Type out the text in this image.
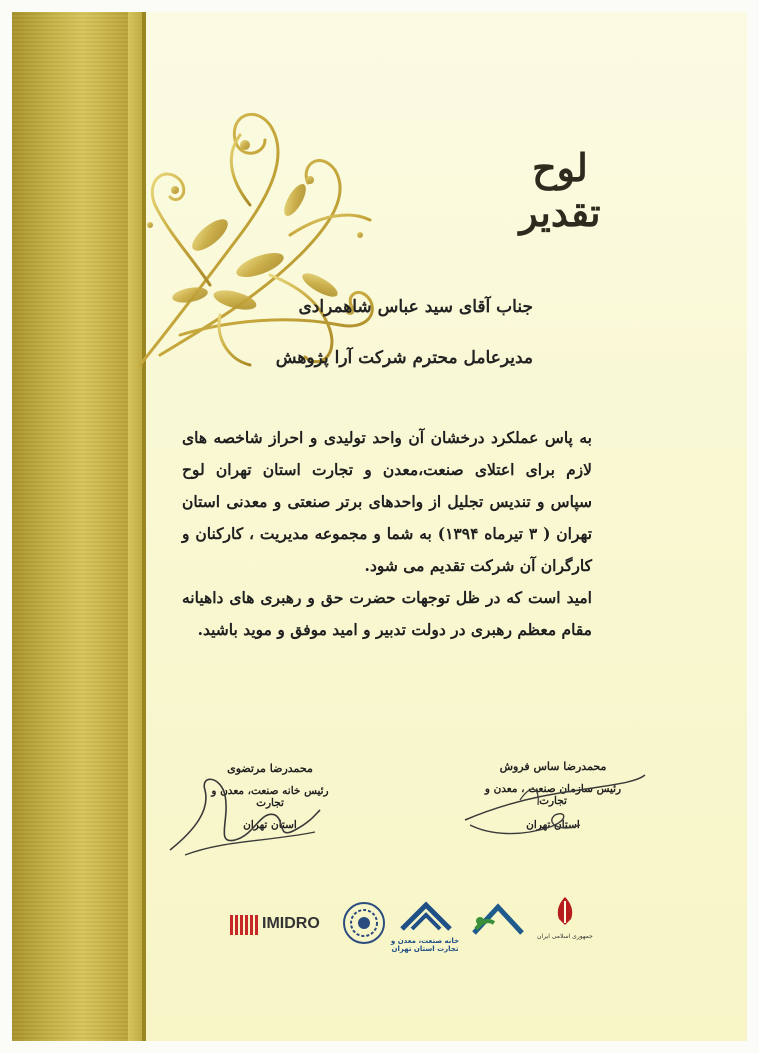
لوح تقدیر
جناب آقای سید عباس شاهمرادی
مدیرعامل محترم شرکت آرا پژوهش

به پاس عملکرد درخشان آن واحد تولیدی و احراز شاخصه های لازم برای اعتلای صنعت،معدن و تجارت استان تهران لوح سپاس و تندیس تجلیل از واحدهای برتر صنعتی و معدنی استان تهران ( ۳ تیرماه ۱۳۹۴) به شما و مجموعه مدیریت ، کارکنان و کارگران آن شرکت تقدیم می شود.

امید است که در ظل توجهات حضرت حق و رهبری های داهیانه مقام معظم رهبری در دولت تدبیر و امید موفق و موید باشید.

محمدرضا مرتضوی
رئیس خانه صنعت، معدن و تجارت
استان تهران
محمدرضا ساس فروش
رئیس سازمان صنعت ، معدن و تجارت
استان تهران
IMIDRO
خانه صنعت، معدن و تجارت استان تهران
جمهوری اسلامی ایران
